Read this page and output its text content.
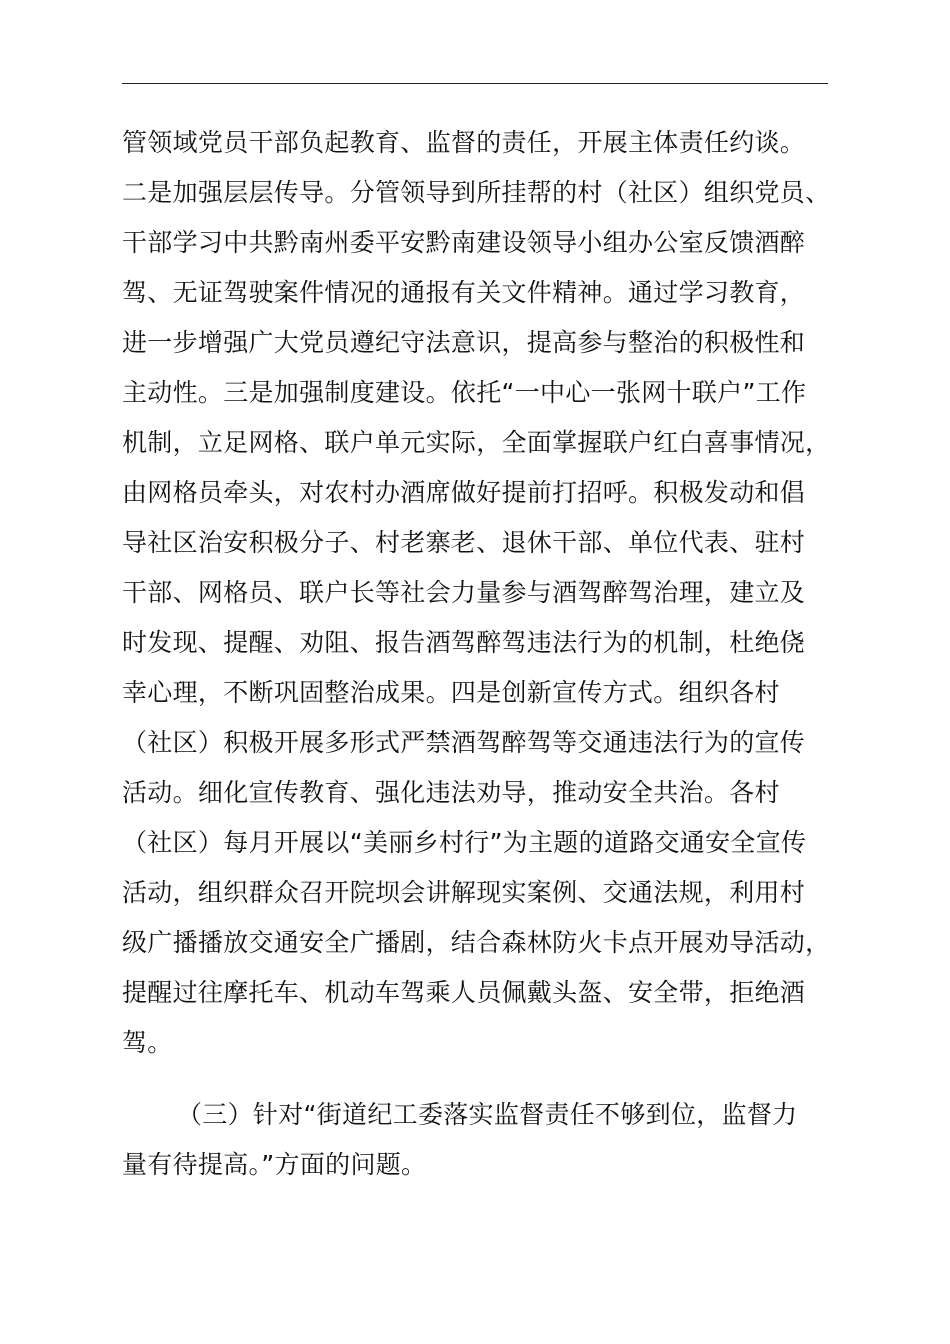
管领域党员干部负起教育、监督的责任，开展主体责任约谈。
二是加强层层传导。分管领导到所挂帮的村（社区）组织党员、
干部学习中共黔南州委平安黔南建设领导小组办公室反馈酒醉
驾、无证驾驶案件情况的通报有关文件精神。通过学习教育，
进一步增强广大党员遵纪守法意识，提高参与整治的积极性和
主动性。三是加强制度建设。依托“一中心一张网十联户”工作
机制，立足网格、联户单元实际，全面掌握联户红白喜事情况，
由网格员牵头，对农村办酒席做好提前打招呼。积极发动和倡
导社区治安积极分子、村老寨老、退休干部、单位代表、驻村
干部、网格员、联户长等社会力量参与酒驾醉驾治理，建立及
时发现、提醒、劝阻、报告酒驾醉驾违法行为的机制，杜绝侥
幸心理，不断巩固整治成果。四是创新宣传方式。组织各村
（社区）积极开展多形式严禁酒驾醉驾等交通违法行为的宣传
活动。细化宣传教育、强化违法劝导，推动安全共治。各村
（社区）每月开展以“美丽乡村行”为主题的道路交通安全宣传
活动，组织群众召开院坝会讲解现实案例、交通法规，利用村
级广播播放交通安全广播剧，结合森林防火卡点开展劝导活动，
提醒过往摩托车、机动车驾乘人员佩戴头盔、安全带，拒绝酒
驾。
（三）针对“街道纪工委落实监督责任不够到位，监督力
量有待提高。”方面的问题。
